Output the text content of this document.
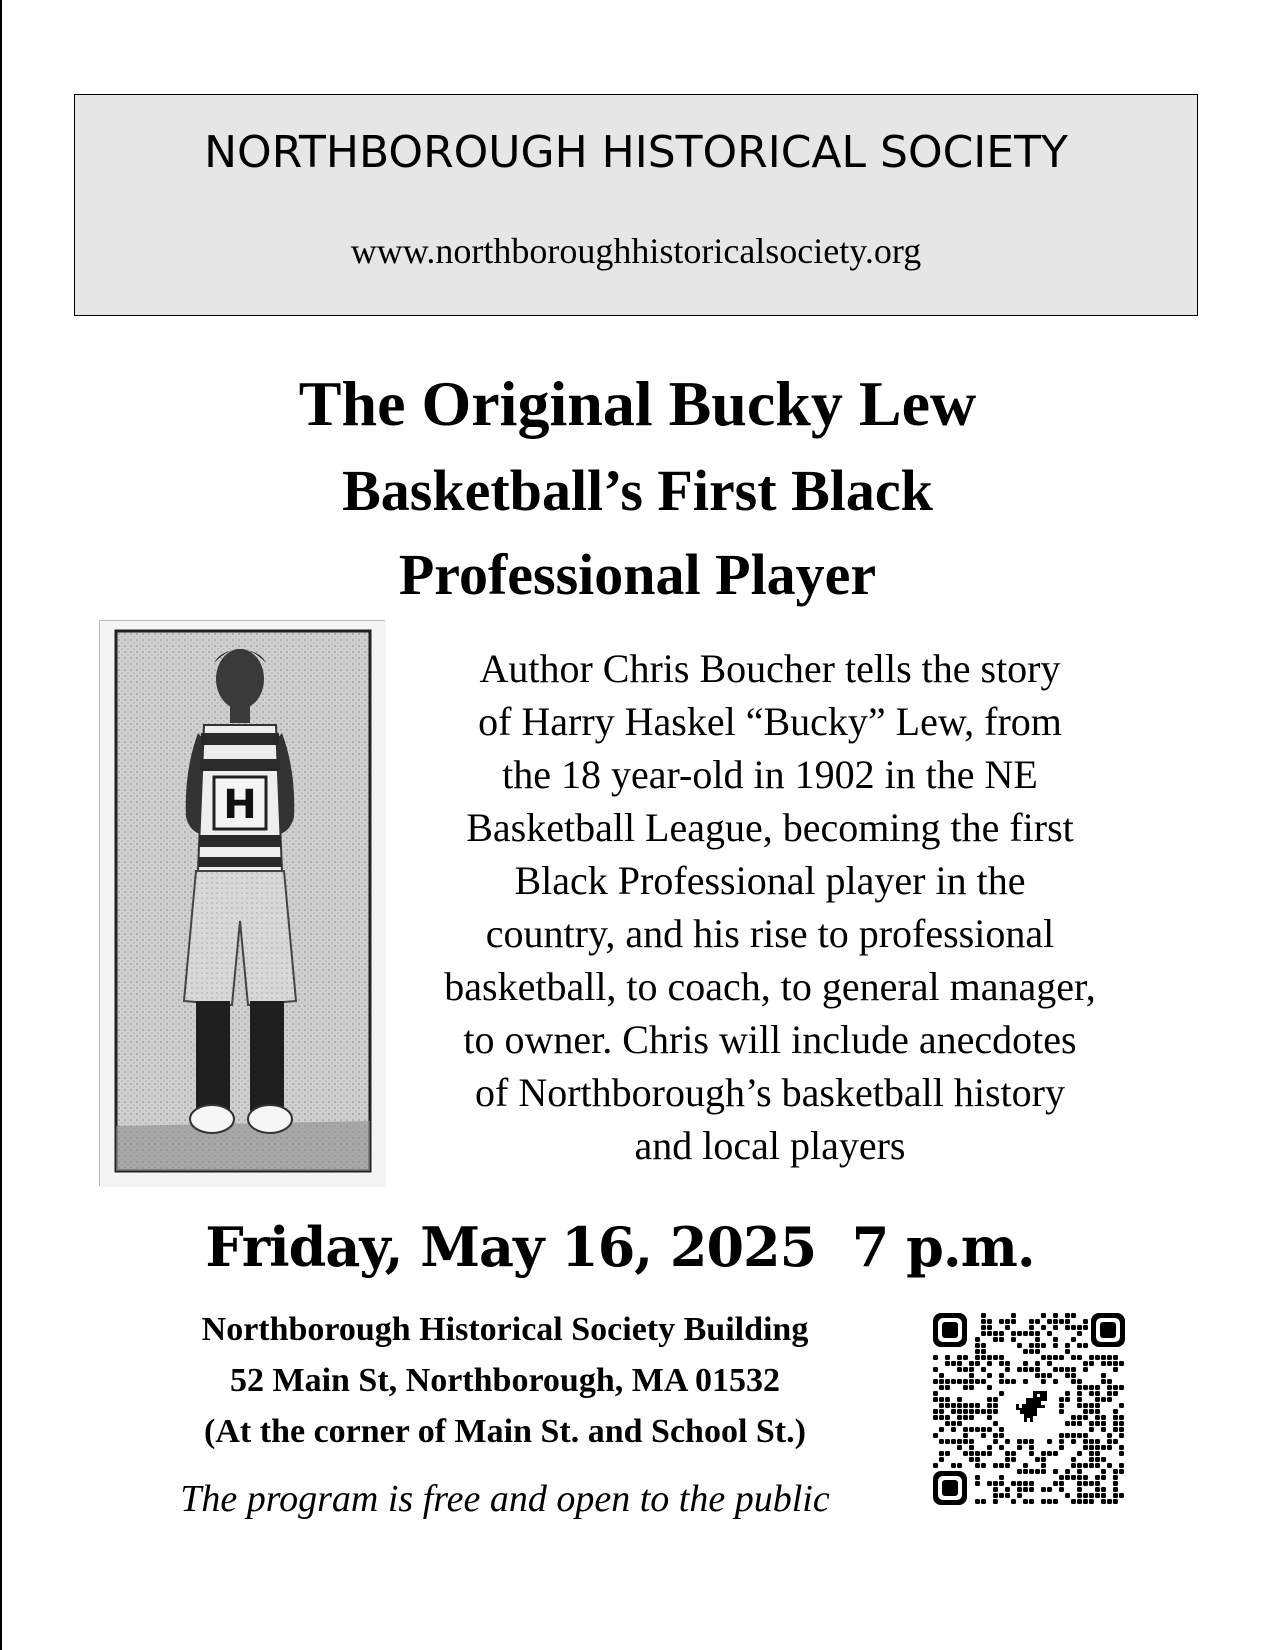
NORTHBOROUGH HISTORICAL SOCIETY
www.northboroughhistoricalsociety.org
The Original Bucky Lew
Basketball’s First Black
Professional Player
H
Author Chris Boucher tells the story
of Harry Haskel “Bucky” Lew, from
the 18 year-old in 1902 in the NE
Basketball League, becoming the first
Black Professional player in the
country, and his rise to professional
basketball, to coach, to general manager,
to owner. Chris will include anecdotes
of Northborough’s basketball history
and local players
Friday, May 16, 2025  7 p.m.
Northborough Historical Society Building
52 Main St, Northborough, MA 01532
(At the corner of Main St. and School St.)
The program is free and open to the public
